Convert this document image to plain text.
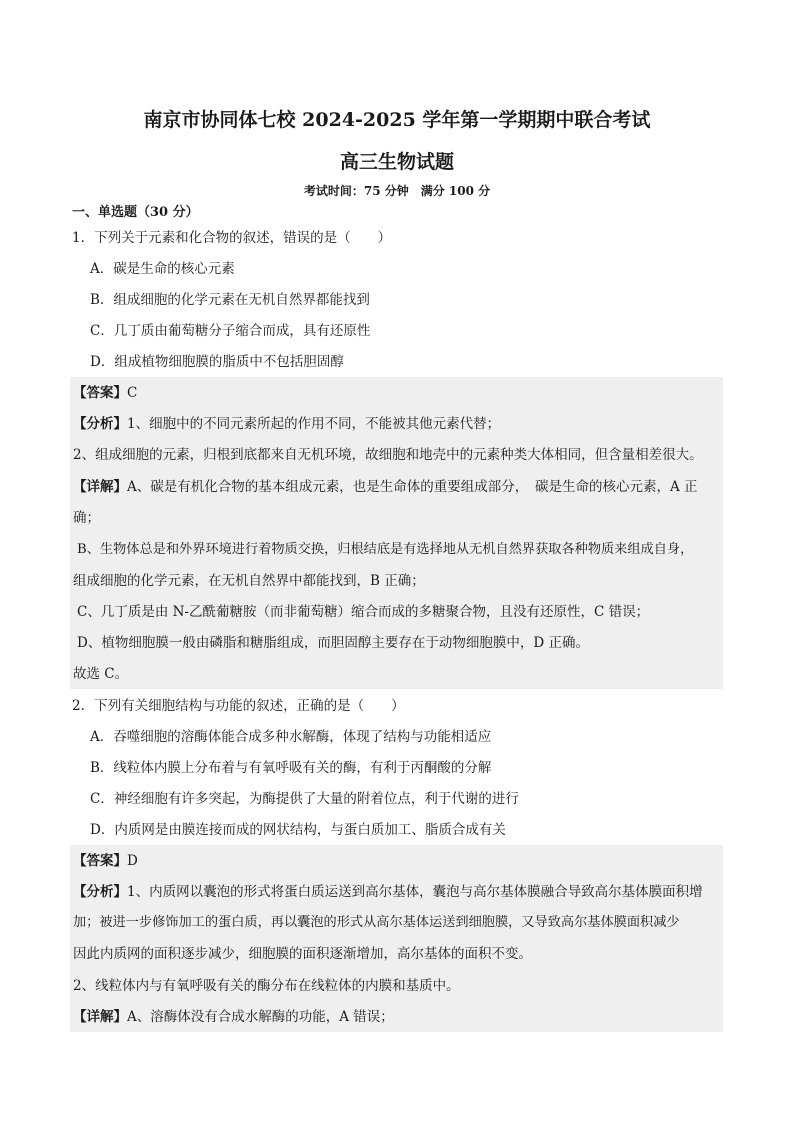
南京市协同体七校 2024-2025 学年第一学期期中联合考试
高三生物试题
考试时间：75 分钟　满分 100 分
一、单选题（30 分）
1．下列关于元素和化合物的叙述，错误的是（　　）
A．碳是生命的核心元素
B．组成细胞的化学元素在无机自然界都能找到
C．几丁质由葡萄糖分子缩合而成，具有还原性
D．组成植物细胞膜的脂质中不包括胆固醇
【答案】C
【分析】1、细胞中的不同元素所起的作用不同，不能被其他元素代替；
2、组成细胞的元素，归根到底都来自无机环境，故细胞和地壳中的元素种类大体相同，但含量相差很大。
【详解】A、碳是有机化合物的基本组成元素，也是生命体的重要组成部分，　碳是生命的核心元素，A 正
确；
B、生物体总是和外界环境进行着物质交换，归根结底是有选择地从无机自然界获取各种物质来组成自身，
组成细胞的化学元素，在无机自然界中都能找到，B 正确；
C、几丁质是由 N-乙酰葡糖胺（而非葡萄糖）缩合而成的多糖聚合物，且没有还原性，C 错误；
D、植物细胞膜一般由磷脂和糖脂组成，而胆固醇主要存在于动物细胞膜中，D 正确。
故选 C。
2．下列有关细胞结构与功能的叙述，正确的是（　　）
A．吞噬细胞的溶酶体能合成多种水解酶，体现了结构与功能相适应
B．线粒体内膜上分布着与有氧呼吸有关的酶，有利于丙酮酸的分解
C．神经细胞有许多突起，为酶提供了大量的附着位点，利于代谢的进行
D．内质网是由膜连接而成的网状结构，与蛋白质加工、脂质合成有关
【答案】D
【分析】1、内质网以囊泡的形式将蛋白质运送到高尔基体，囊泡与高尔基体膜融合导致高尔基体膜面积增
加；被进一步修饰加工的蛋白质，再以囊泡的形式从高尔基体运送到细胞膜，又导致高尔基体膜面积减少
因此内质网的面积逐步减少，细胞膜的面积逐渐增加，高尔基体的面积不变。
2、线粒体内与有氧呼吸有关的酶分布在线粒体的内膜和基质中。
【详解】A、溶酶体没有合成水解酶的功能，A 错误；
